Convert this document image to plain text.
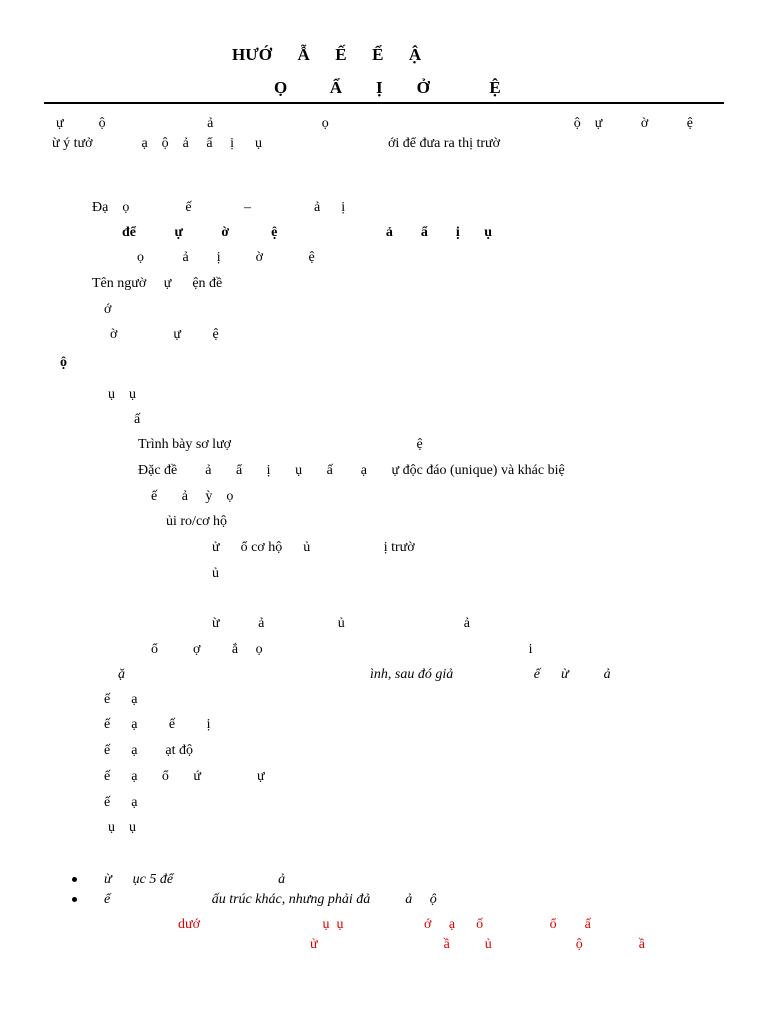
HƯỚ      Ẫ      Ế      Ể      Ậ
Ọ          Ẩ        Ị        Ở              Ệ
ự          ộ                             ả                               ọ                                                                      ộ    ự           ờ           ệ
ừ ý tưở              ạ    ộ    ả     ẩ     ị      ụ                                    ới để đưa ra thị trườ
Đạ    ọ                ế               –                  ả      ị
để           ự           ờ            ệ                               ả        ẩ        ị       ụ
ọ           ả        ị          ờ             ệ
Tên ngườ     ự      ện đề
ớ
ờ                ự         ệ
ộ
ụ    ụ
ấ
Trình bày sơ lượ                                                     ệ
Đặc đề        ả       ẩ       ị       ụ       ấ        ạ       ự độc đáo (unique) và khác biệ
ế       ả     ỳ    ọ
ủi ro/cơ hộ
ử      ổ cơ hộ      ủ                     ị trườ
ủ
ừ           ả                     ủ                                  ả
ổ          ợ         ắ     ọ                                                                            i
ặ                                                                      ình, sau đó giả                       ế      ừ          ả
ế      ạ
ế      ạ         ế         ị
ế      ạ        ạt độ
ế      ạ       ổ       ứ                ự
ế      ạ
ụ    ụ
ừ      ục 5 để                              ả
ể                             ấu trúc khác, nhưng phải đả          ả     ộ
dướ                                   ụ  ụ                       ớ     ạ      ố                   ổ        ấ
ử                                    ầ          ủ                        ộ                ầ
